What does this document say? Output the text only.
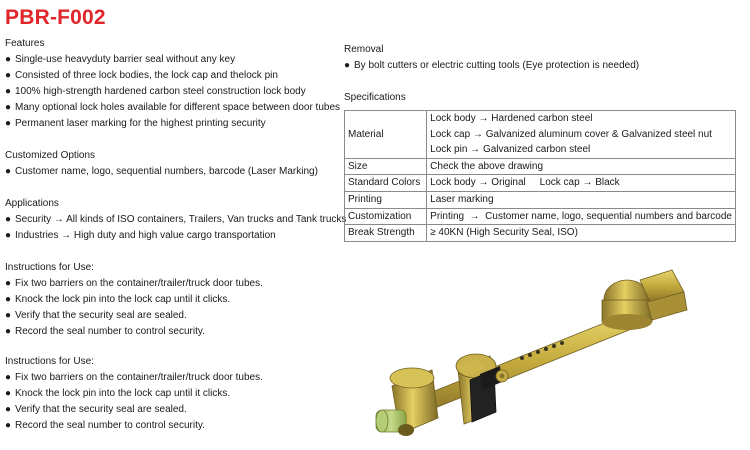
PBR-F002
Features
● Single-use heavyduty barrier seal without any key
● Consisted of three lock bodies, the lock cap and thelock pin
● 100% high-strength hardened carbon steel construction lock body
● Many optional lock holes available for different space between door tubes
● Permanent laser marking for the highest printing security
Customized Options
● Customer name, logo, sequential numbers, barcode (Laser Marking)
Applications
● Security → All kinds of ISO containers, Trailers, Van trucks and Tank trucks
● Industries → High duty and high value cargo transportation
Instructions for Use:
● Fix two barriers on the container/trailer/truck door tubes.
● Knock the lock pin into the lock cap until it clicks.
● Verify that the security seal are sealed.
● Record the seal number to control security.
Instructions for Use:
● Fix two barriers on the container/trailer/truck door tubes.
● Knock the lock pin into the lock cap until it clicks.
● Verify that the security seal are sealed.
● Record the seal number to control security.
Removal
● By bolt cutters or electric cutting tools (Eye protection is needed)
Specifications
Material	Lock body → Hardened carbon steel
Lock cap → Galvanized aluminum cover & Galvanized steel nut
Lock pin → Galvanized carbon steel

Size	Check the above drawing

Standard Colors	Lock body → Original     Lock cap → Black

Printing	Laser marking

Customization	Printing  →  Customer name, logo, sequential numbers and barcode

Break Strength	≥ 40KN (High Security Seal, ISO)
